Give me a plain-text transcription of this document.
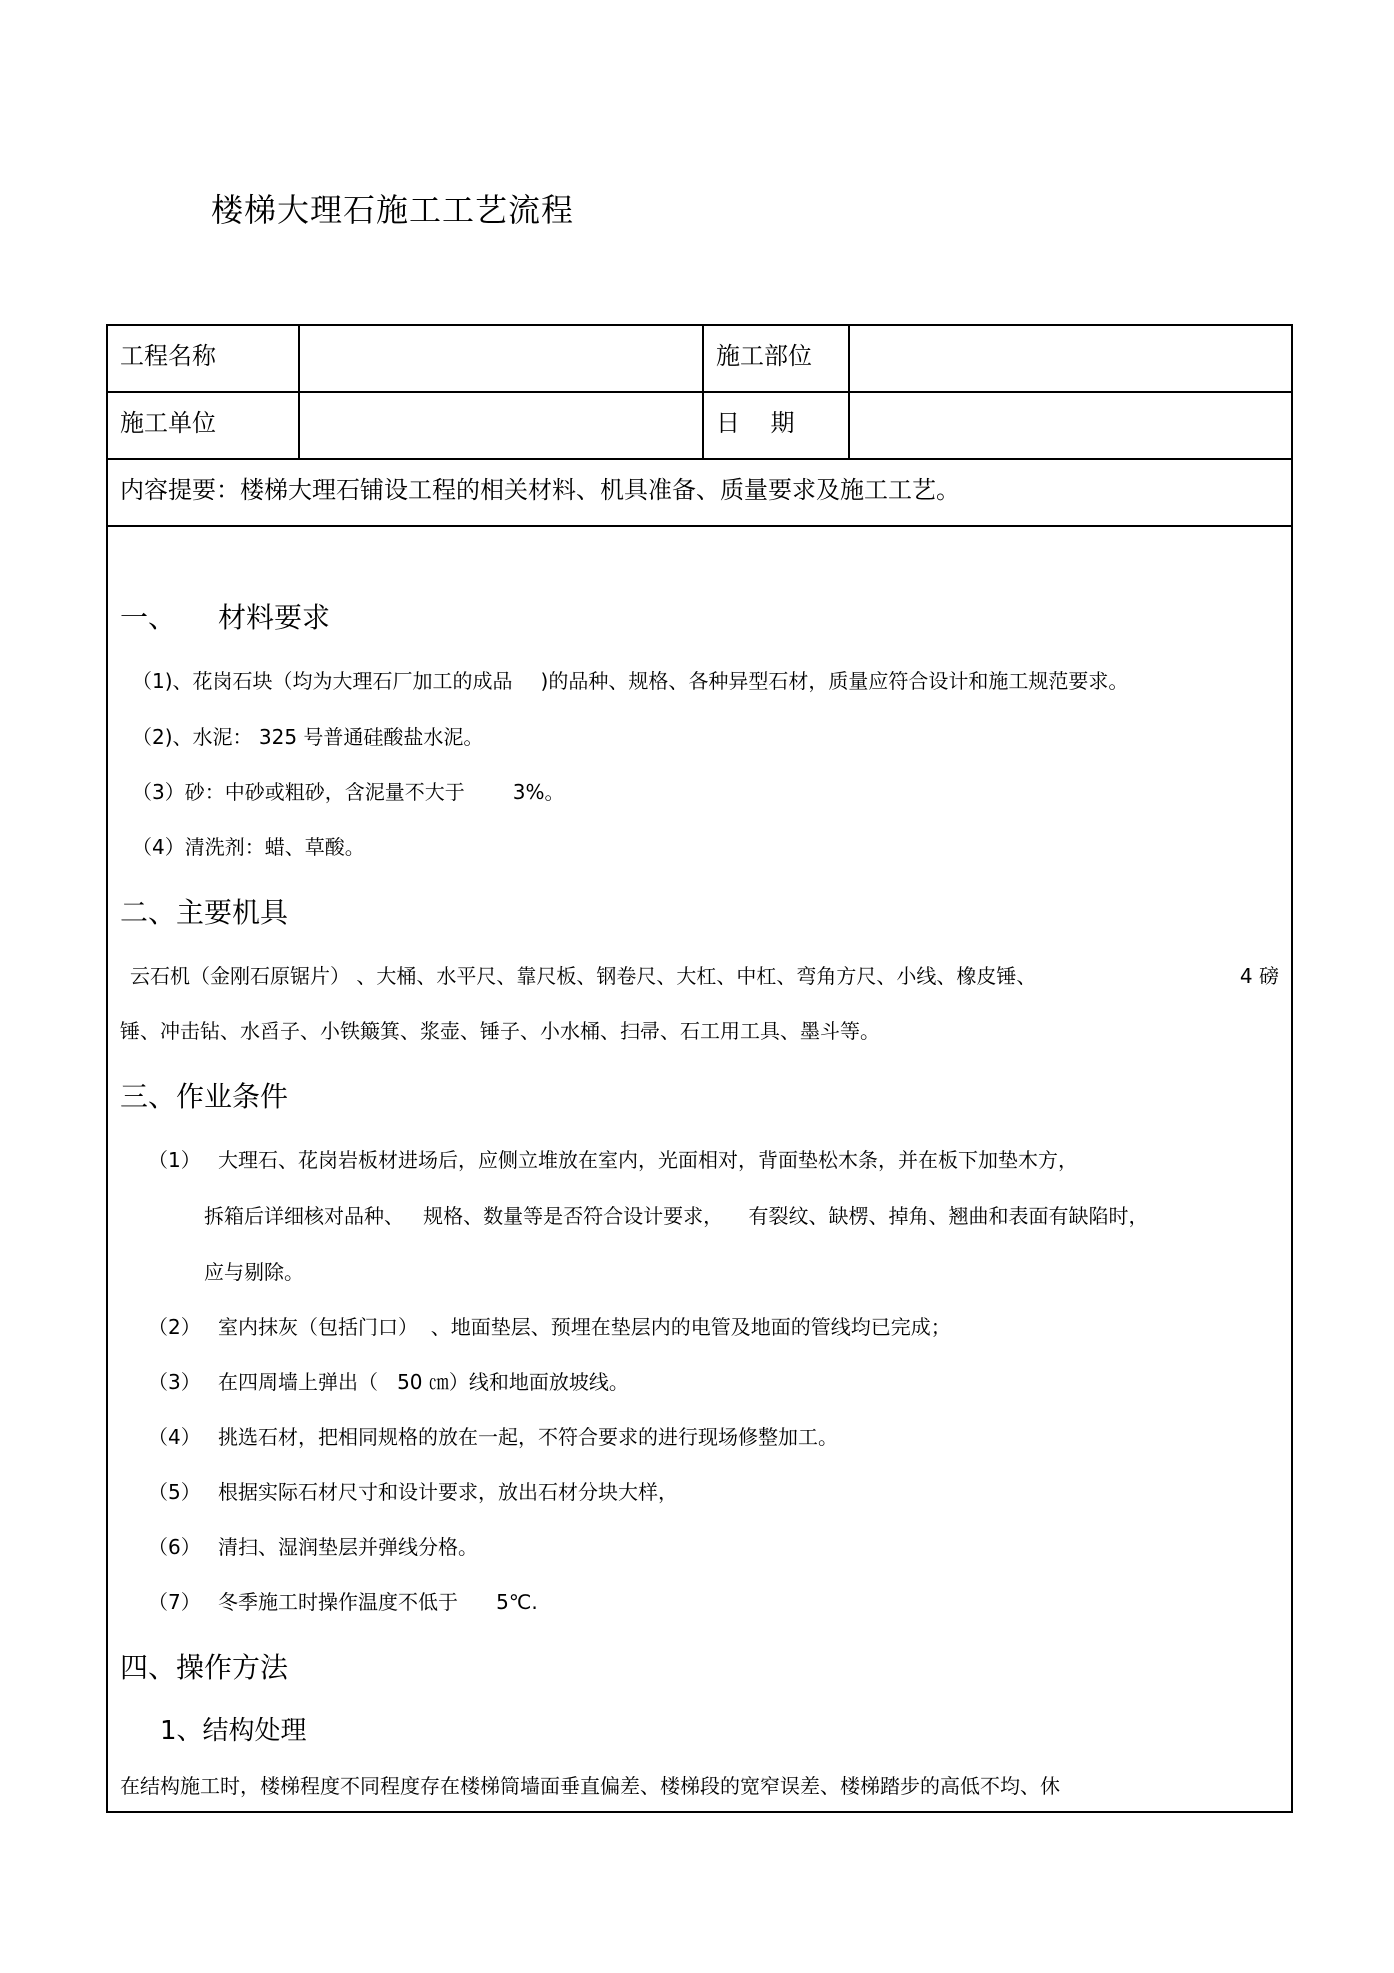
楼梯大理石施工工艺流程
工程名称	施工部位
施工单位	日    期
内容提要：楼梯大理石铺设工程的相关材料、机具准备、质量要求及施工工艺。
一、 材料要求
（1)、花岗石块（均为大理石厂加工的成品 )的品种、规格、各种异型石材，质量应符合设计和施工规范要求。
（2)、水泥： 325 号普通硅酸盐水泥。
（3）砂：中砂或粗砂，含泥量不大于 3%。
（4）清洗剂：蜡、草酸。
二、主要机具
云石机（金刚石原锯片） 、大桶、水平尺、靠尺板、钢卷尺、大杠、中杠、弯角方尺、小线、橡皮锤、	4 磅
锤、冲击钻、水舀子、小铁簸箕、浆壶、锤子、小水桶、扫帚、石工用工具、墨斗等。
三、作业条件
（1） 大理石、花岗岩板材进场后，应侧立堆放在室内，光面相对，背面垫松木条，并在板下加垫木方，
拆箱后详细核对品种、   规格、数量等是否符合设计要求，    有裂纹、缺楞、掉角、翘曲和表面有缺陷时，
应与剔除。
（2） 室内抹灰（包括门口）  、地面垫层、预埋在垫层内的电管及地面的管线均已完成；
（3） 在四周墙上弹出（   50 ㎝）线和地面放坡线。
（4） 挑选石材，把相同规格的放在一起，不符合要求的进行现场修整加工。
（5） 根据实际石材尺寸和设计要求，放出石材分块大样，
（6） 清扫、湿润垫层并弹线分格。
（7） 冬季施工时操作温度不低于      5℃.
四、操作方法
1、结构处理
在结构施工时，楼梯程度不同程度存在楼梯筒墙面垂直偏差、楼梯段的宽窄误差、楼梯踏步的高低不均、休
